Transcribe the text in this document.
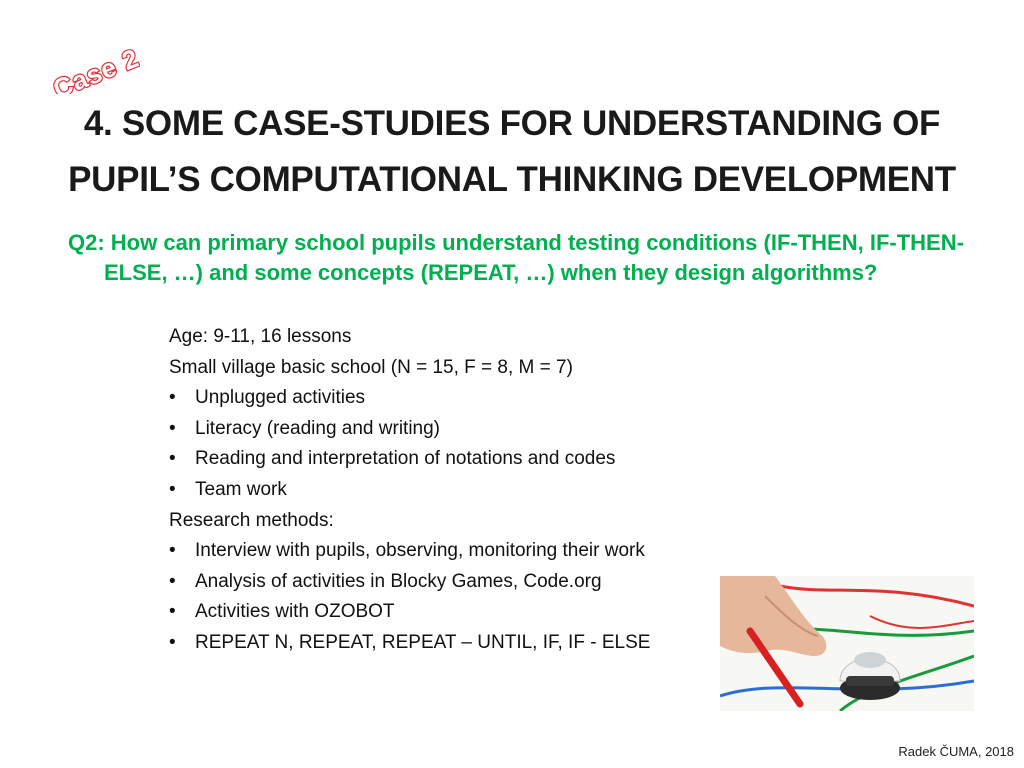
Case 2
4. SOME CASE-STUDIES FOR UNDERSTANDING OF
PUPIL’S COMPUTATIONAL THINKING DEVELOPMENT
Q2: How can primary school pupils understand testing conditions (IF-THEN, IF-THEN-ELSE, …) and some concepts (REPEAT, …) when they design algorithms?
Age: 9-11, 16 lessons
Small village basic school (N = 15, F = 8, M = 7)
• Unplugged activities
• Literacy (reading and writing)
• Reading and interpretation of notations and codes
• Team work
Research methods:
• Interview with pupils, observing, monitoring their work
• Analysis of activities in Blocky Games, Code.org
• Activities with OZOBOT
• REPEAT N, REPEAT, REPEAT – UNTIL, IF, IF - ELSE
Radek ČUMA, 2018
